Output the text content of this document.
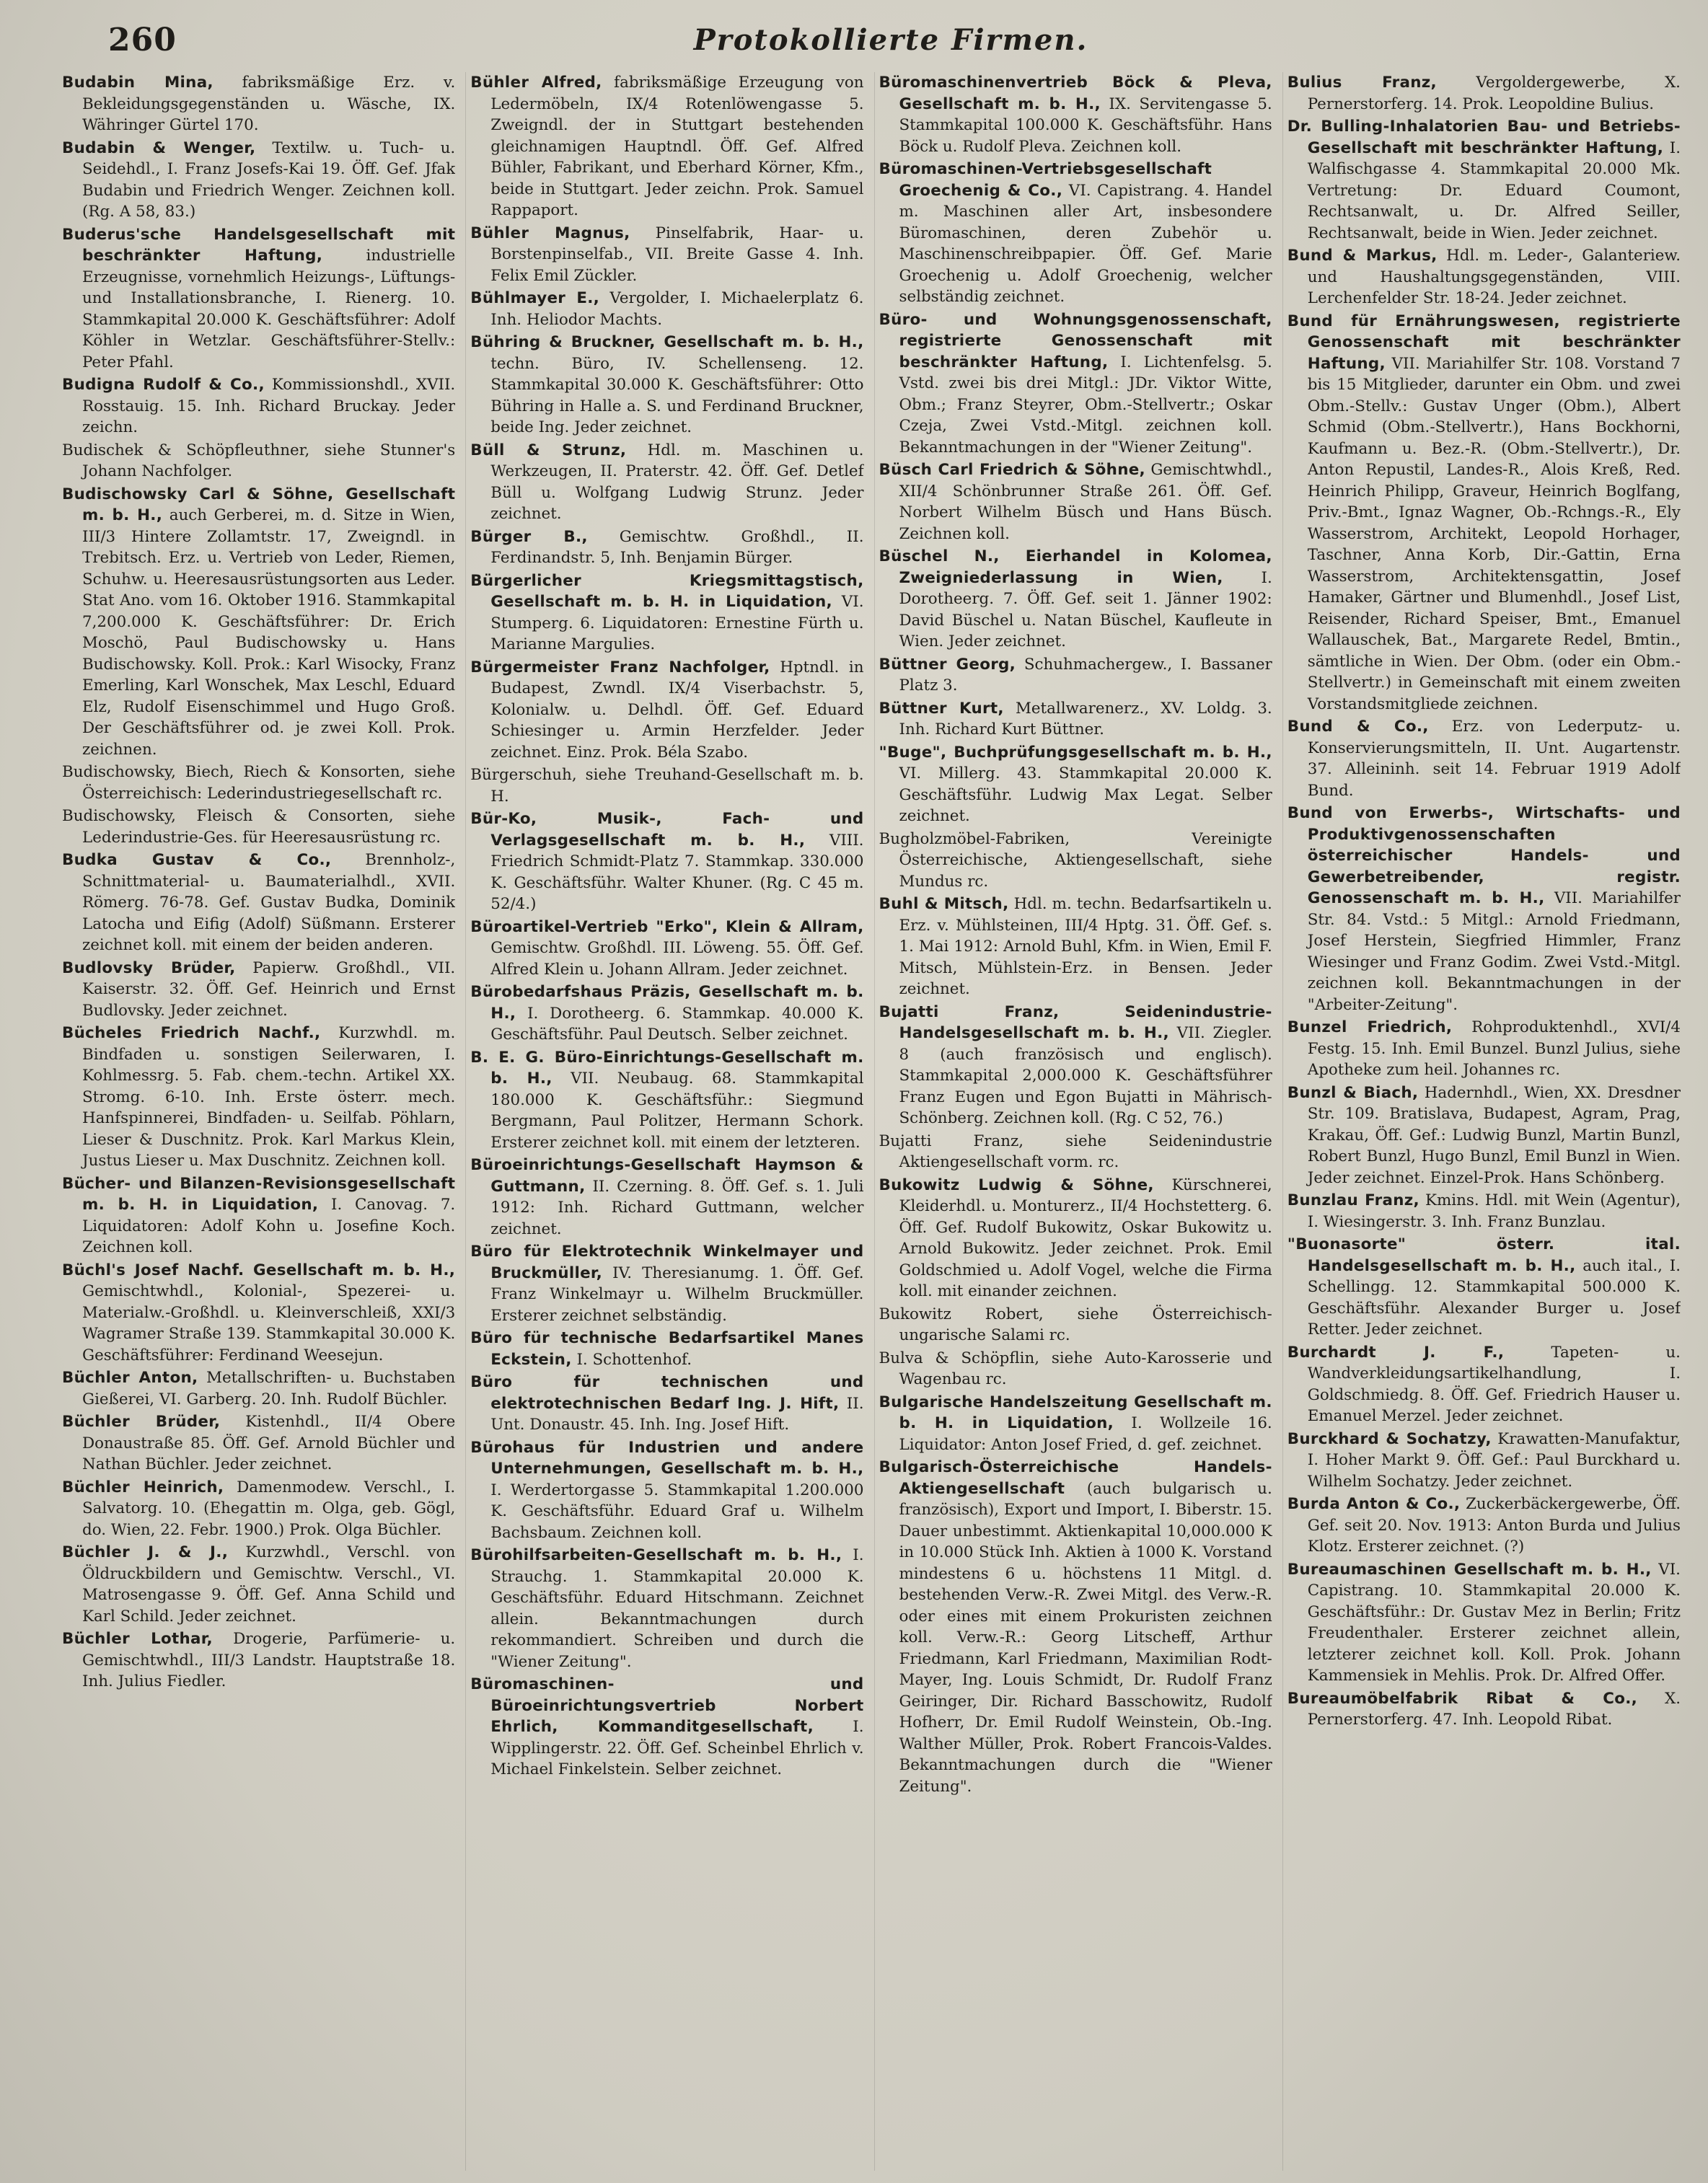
260	Protokollierte Firmen.

Budabin Mina, fabriksmäßige Erz. v. Bekleidungsgegenständen u. Wäsche, IX. Währinger Gürtel 170.

Budabin & Wenger, Textilw. u. Tuch- u. Seidehdl., I. Franz Josefs-Kai 19. Öff. Gef. Jfak Budabin und Friedrich Wenger. Zeichnen koll. (Rg. A 58, 83.)

Buderus'sche Handelsgesellschaft mit beschränkter Haftung,	industrielle Erzeugnisse, vornehmlich Heizungs-, Lüftungs- und Installationsbranche, I. Rienerg. 10. Stammkapital 20.000 K. Geschäftsführer: Adolf Köhler in Wetzlar. Geschäftsführer-Stellv.: Peter Pfahl.

Budigna Rudolf & Co., Kommissionshdl., XVII. Rosstauig. 15. Inh. Richard Bruckay. Jeder zeichn.

Budischek & Schöpfleuthner, siehe Stunner's Johann Nachfolger.

Budischowsky Carl & Söhne, Gesellschaft m. b. H., auch Gerberei, m. d. Sitze in Wien, III/3 Hintere Zollamtstr. 17, Zweigndl. in Trebitsch. Erz. u. Vertrieb von Leder, Riemen, Schuhw. u. Heeresausrüstungsorten aus Leder. Stat Ano. vom 16. Oktober 1916. Stammkapital 7,200.000 K. Geschäftsführer: Dr. Erich Moschö, Paul Budischowsky u. Hans Budischowsky. Koll. Prok.: Karl Wisocky, Franz Emerling, Karl Wonschek, Max Leschl, Eduard Elz, Rudolf Eisenschimmel und Hugo Groß. Der Geschäftsführer od. je zwei Koll. Prok. zeichnen.

Budischowsky, Biech, Riech & Konsorten, siehe Österreichisch: Lederindustriegesellschaft rc.

Budischowsky, Fleisch & Consorten, siehe Lederindustrie-Ges. für Heeresausrüstung rc.

Budka Gustav & Co., Brennholz-, Schnittmaterial- u. Baumaterialhdl., XVII. Römerg. 76-78. Gef. Gustav Budka, Dominik Latocha und Eifig (Adolf) Süßmann. Ersterer zeichnet koll. mit einem der beiden anderen.

Budlovsky Brüder, Papierw. Großhdl., VII. Kaiserstr. 32. Öff. Gef. Heinrich und Ernst Budlovsky. Jeder zeichnet.

Bücheles Friedrich Nachf., Kurzwhdl. m. Bindfaden u. sonstigen Seilerwaren, I. Kohlmessrg. 5. Fab. chem.-techn. Artikel XX. Stromg. 6-10. Inh. Erste österr. mech. Hanfspinnerei, Bindfaden- u. Seilfab. Pöhlarn, Lieser & Duschnitz. Prok. Karl Markus Klein, Justus Lieser u. Max Duschnitz. Zeichnen koll.

Bücher- und Bilanzen-Revisionsgesellschaft m. b. H. in Liquidation, I. Canovag. 7. Liquidatoren: Adolf Kohn u. Josefine Koch. Zeichnen koll.

Büchl's Josef Nachf. Gesellschaft m. b. H., Gemischtwhdl., Kolonial-, Spezerei- u. Materialw.-Großhdl. u. Kleinverschleiß, XXI/3 Wagramer Straße 139. Stammkapital 30.000 K. Geschäftsführer: Ferdinand Weesejun.

Büchler Anton, Metallschriften- u. Buchstaben Gießerei, VI. Garberg. 20. Inh. Rudolf Büchler.

Büchler Brüder, Kistenhdl., II/4 Obere Donaustraße 85. Öff. Gef. Arnold Büchler und Nathan Büchler. Jeder zeichnet.

Büchler Heinrich, Damenmodew. Verschl., I. Salvatorg. 10. (Ehegattin m. Olga, geb. Gögl, do. Wien, 22. Febr. 1900.) Prok. Olga Büchler.

Büchler J. & J., Kurzwhdl., Verschl. von Öldruckbildern und Gemischtw. Verschl., VI. Matrosengasse 9. Öff. Gef. Anna Schild und Karl Schild. Jeder zeichnet.

Büchler Lothar, Drogerie, Parfümerie- u. Gemischtwhdl., III/3 Landstr. Hauptstraße 18. Inh. Julius Fiedler.

Bühler Alfred, fabriksmäßige Erzeugung von Ledermöbeln, IX/4 Rotenlöwengasse 5. Zweigndl. der in Stuttgart bestehenden gleichnamigen Hauptndl. Öff. Gef. Alfred Bühler, Fabrikant, und Eberhard Körner, Kfm., beide in Stuttgart. Jeder zeichn. Prok. Samuel Rappaport.

Bühler Magnus, Pinselfabrik, Haar- u. Borstenpinselfab., VII. Breite Gasse 4. Inh. Felix Emil Zückler.

Bühlmayer E., Vergolder, I. Michaelerplatz 6. Inh. Heliodor Machts.

Bühring & Bruckner, Gesellschaft m. b. H., techn. Büro, IV. Schellenseng. 12. Stammkapital 30.000 K. Geschäftsführer: Otto Bühring in Halle a. S. und Ferdinand Bruckner, beide Ing. Jeder zeichnet.

Büll & Strunz, Hdl. m. Maschinen u. Werkzeugen, II. Praterstr. 42. Öff. Gef. Detlef Büll u. Wolfgang Ludwig Strunz. Jeder zeichnet.

Bürger B., Gemischtw. Großhdl., II. Ferdinandstr. 5, Inh. Benjamin Bürger.

Bürgerlicher Kriegsmittagstisch, Gesellschaft m. b. H. in Liquidation, VI. Stumperg. 6. Liquidatoren: Ernestine Fürth u. Marianne Margulies.

Bürgermeister Franz Nachfolger, Hptndl. in Budapest, Zwndl. IX/4 Viserbachstr. 5, Kolonialw. u. Delhdl. Öff. Gef. Eduard Schiesinger u. Armin Herzfelder. Jeder zeichnet. Einz. Prok. Béla Szabo.

Bürgerschuh, siehe Treuhand-Gesellschaft m. b. H.

Bür-Ko, Musik-, Fach- und Verlagsgesellschaft m. b. H., VIII. Friedrich Schmidt-Platz 7. Stammkap. 330.000 K. Geschäftsführ. Walter Khuner. (Rg. C 45 m. 52/4.)

Büroartikel-Vertrieb "Erko", Klein & Allram, Gemischtw. Großhdl. III. Löweng. 55. Öff. Gef. Alfred Klein u. Johann Allram. Jeder zeichnet.

Bürobedarfshaus Präzis, Gesellschaft m. b. H., I. Dorotheerg. 6. Stammkap. 40.000 K. Geschäftsführ. Paul Deutsch. Selber zeichnet.

B. E. G. Büro-Einrichtungs-Gesellschaft m. b. H., VII. Neubaug. 68. Stammkapital 180.000 K. Geschäftsführ.: Siegmund Bergmann, Paul Politzer, Hermann Schork. Ersterer zeichnet koll. mit einem der letzteren.

Büroeinrichtungs-Gesellschaft Haymson & Guttmann, II. Czerning. 8. Öff. Gef. s. 1. Juli 1912: Inh. Richard Guttmann, welcher zeichnet.

Büro für Elektrotechnik Winkelmayer und Bruckmüller, IV. Theresianumg. 1. Öff. Gef. Franz Winkelmayr u. Wilhelm Bruckmüller. Ersterer zeichnet selbständig.

Büro für technische Bedarfsartikel Manes Eckstein, I. Schottenhof.

Büro für technischen und elektrotechnischen Bedarf Ing. J. Hift, II. Unt. Donaustr. 45. Inh. Ing. Josef Hift.

Bürohaus für Industrien und andere Unternehmungen, Gesellschaft m. b. H., I. Werdertorgasse 5. Stammkapital 1.200.000 K. Geschäftsführ. Eduard Graf u. Wilhelm Bachsbaum. Zeichnen koll.

Bürohilfsarbeiten-Gesellschaft m. b. H., I. Strauchg. 1. Stammkapital 20.000 K. Geschäftsführ. Eduard Hitschmann. Zeichnet allein. Bekanntmachungen durch rekommandiert. Schreiben und durch die "Wiener Zeitung".

Büromaschinen- und Büroeinrichtungsvertrieb Norbert Ehrlich, Kommanditgesellschaft,	I. Wipplingerstr. 22. Öff. Gef. Scheinbel Ehrlich v. Michael Finkelstein. Selber zeichnet.

Büromaschinenvertrieb Böck & Pleva, Gesellschaft m. b. H., IX. Servitengasse 5. Stammkapital 100.000 K. Geschäftsführ. Hans Böck u. Rudolf Pleva. Zeichnen koll.

Büromaschinen-Vertriebsgesellschaft Groechenig & Co., VI. Capistrang. 4. Handel m. Maschinen aller Art, insbesondere Büromaschinen, deren Zubehör u. Maschinenschreibpapier. Öff. Gef. Marie Groechenig u. Adolf Groechenig, welcher selbständig zeichnet.

Büro- und Wohnungsgenossenschaft, registrierte Genossenschaft mit beschränkter Haftung, I. Lichtenfelsg. 5. Vstd. zwei bis drei Mitgl.: JDr. Viktor Witte, Obm.; Franz Steyrer, Obm.-Stellvertr.; Oskar Czeja, Zwei Vstd.-Mitgl. zeichnen koll. Bekanntmachungen in der "Wiener Zeitung".

Büsch Carl Friedrich & Söhne, Gemischtwhdl., XII/4 Schönbrunner Straße 261. Öff. Gef. Norbert Wilhelm Büsch und Hans Büsch. Zeichnen koll.

Büschel N., Eierhandel in Kolomea, Zweigniederlassung in Wien, I. Dorotheerg. 7. Öff. Gef. seit 1. Jänner 1902: David Büschel u. Natan Büschel, Kaufleute in Wien. Jeder zeichnet.

Büttner Georg, Schuhmachergew., I. Bassaner Platz 3.

Büttner Kurt, Metallwarenerz., XV. Loldg. 3. Inh. Richard Kurt Büttner.

"Buge", Buchprüfungsgesellschaft m. b. H., VI. Millerg. 43. Stammkapital 20.000 K. Geschäftsführ. Ludwig Max Legat. Selber zeichnet.

Bugholzmöbel-Fabriken, Vereinigte Österreichische, Aktiengesellschaft, siehe Mundus rc.

Buhl & Mitsch, Hdl. m. techn. Bedarfsartikeln u. Erz. v. Mühlsteinen, III/4 Hptg. 31. Öff. Gef. s. 1. Mai 1912: Arnold Buhl, Kfm. in Wien, Emil F. Mitsch, Mühlstein-Erz. in Bensen. Jeder zeichnet.

Bujatti Franz, Seidenindustrie-Handelsgesellschaft m. b. H., VII. Ziegler. 8 (auch französisch und englisch). Stammkapital 2,000.000 K. Geschäftsführer Franz Eugen und Egon Bujatti in Mährisch-Schönberg. Zeichnen koll. (Rg. C 52, 76.)

Bujatti Franz, siehe Seidenindustrie Aktiengesellschaft vorm. rc.

Bukowitz Ludwig & Söhne, Kürschnerei, Kleiderhdl. u. Monturerz., II/4 Hochstetterg. 6. Öff. Gef. Rudolf Bukowitz, Oskar Bukowitz u. Arnold Bukowitz. Jeder zeichnet. Prok. Emil Goldschmied u. Adolf Vogel, welche die Firma koll. mit einander zeichnen.

Bukowitz Robert, siehe Österreichisch-ungarische Salami rc.

Bulva & Schöpflin, siehe Auto-Karosserie und Wagenbau rc.

Bulgarische Handelszeitung Gesellschaft m. b. H. in Liquidation, I. Wollzeile 16. Liquidator: Anton Josef Fried, d. gef. zeichnet.

Bulgarisch-Österreichische Handels-Aktiengesellschaft (auch bulgarisch u. französisch), Export und Import, I. Biberstr. 15. Dauer unbestimmt. Aktienkapital 10,000.000 K in 10.000 Stück Inh. Aktien à 1000 K. Vorstand mindestens 6 u. höchstens 11 Mitgl. d. bestehenden Verw.-R. Zwei Mitgl. des Verw.-R. oder eines mit einem Prokuristen zeichnen koll. Verw.-R.: Georg Litscheff, Arthur Friedmann, Karl Friedmann, Maximilian Rodt-Mayer, Ing. Louis Schmidt, Dr. Rudolf Franz Geiringer, Dir. Richard Basschowitz, Rudolf Hofherr, Dr. Emil Rudolf Weinstein, Ob.-Ing. Walther Müller, Prok. Robert Francois-Valdes. Bekanntmachungen durch die "Wiener Zeitung".

Bulius Franz,	Vergoldergewerbe, X. Pernerstorferg. 14. Prok. Leopoldine Bulius.

Dr. Bulling-Inhalatorien Bau- und Betriebs-Gesellschaft mit beschränkter Haftung, I. Walfischgasse 4. Stammkapital 20.000 Mk. Vertretung: Dr. Eduard Coumont, Rechtsanwalt, u. Dr. Alfred Seiller, Rechtsanwalt, beide in Wien. Jeder zeichnet.

Bund & Markus, Hdl. m. Leder-, Galanteriew. und Haushaltungsgegenständen, VIII. Lerchenfelder Str. 18-24. Jeder zeichnet.

Bund für Ernährungswesen, registrierte Genossenschaft mit beschränkter Haftung, VII. Mariahilfer Str. 108. Vorstand 7 bis 15 Mitglieder, darunter ein Obm. und zwei Obm.-Stellv.: Gustav Unger (Obm.), Albert Schmid (Obm.-Stellvertr.), Hans Bockhorni, Kaufmann u. Bez.-R. (Obm.-Stellvertr.), Dr. Anton Repustil, Landes-R., Alois Kreß, Red. Heinrich Philipp, Graveur, Heinrich Boglfang, Priv.-Bmt., Ignaz Wagner, Ob.-Rchngs.-R., Ely Wasserstrom, Architekt, Leopold Horhager, Taschner, Anna Korb, Dir.-Gattin, Erna Wasserstrom, Architektensgattin, Josef Hamaker, Gärtner und Blumenhdl., Josef List, Reisender, Richard Speiser, Bmt., Emanuel Wallauschek, Bat., Margarete Redel, Bmtin., sämtliche in Wien. Der Obm. (oder ein Obm.-Stellvertr.) in Gemeinschaft mit einem zweiten Vorstandsmitgliede zeichnen.

Bund & Co., Erz. von Lederputz- u. Konservierungsmitteln, II. Unt. Augartenstr. 37. Alleininh. seit 14. Februar 1919 Adolf Bund.

Bund von Erwerbs-, Wirtschafts- und Produktivgenossenschaften österreichischer Handels- und Gewerbetreibender, registr. Genossenschaft m. b. H., VII. Mariahilfer Str. 84. Vstd.: 5 Mitgl.: Arnold Friedmann, Josef Herstein, Siegfried Himmler, Franz Wiesinger und Franz Godim. Zwei Vstd.-Mitgl. zeichnen koll. Bekanntmachungen in der "Arbeiter-Zeitung".

Bunzel Friedrich, Rohproduktenhdl., XVI/4 Festg. 15. Inh. Emil Bunzel. Bunzl Julius, siehe Apotheke zum heil. Johannes rc.

Bunzl & Biach, Hadernhdl., Wien, XX. Dresdner Str. 109. Bratislava, Budapest, Agram, Prag, Krakau, Öff. Gef.: Ludwig Bunzl, Martin Bunzl, Robert Bunzl, Hugo Bunzl, Emil Bunzl in Wien. Jeder zeichnet. Einzel-Prok. Hans Schönberg.

Bunzlau Franz, Kmins. Hdl. mit Wein (Agentur), I. Wiesingerstr. 3. Inh. Franz Bunzlau.

"Buonasorte" österr. ital. Handelsgesellschaft m. b. H., auch ital., I. Schellingg. 12. Stammkapital 500.000 K. Geschäftsführ. Alexander Burger u. Josef Retter. Jeder zeichnet.

Burchardt J. F.,	Tapeten- u. Wandverkleidungsartikelhandlung, I. Goldschmiedg. 8. Öff. Gef. Friedrich Hauser u. Emanuel Merzel. Jeder zeichnet.

Burckhard & Sochatzy, Krawatten-Manufaktur, I. Hoher Markt 9. Öff. Gef.: Paul Burckhard u. Wilhelm Sochatzy. Jeder zeichnet.

Burda Anton & Co., Zuckerbäckergewerbe, Öff. Gef. seit 20. Nov. 1913: Anton Burda und Julius Klotz. Ersterer zeichnet. (?)

Bureaumaschinen Gesellschaft m. b. H., VI. Capistrang. 10. Stammkapital 20.000 K. Geschäftsführ.: Dr. Gustav Mez in Berlin; Fritz Freudenthaler. Ersterer zeichnet allein, letzterer zeichnet koll. Koll. Prok. Johann Kammensiek in Mehlis. Prok. Dr. Alfred Offer.

Bureaumöbelfabrik Ribat & Co., X. Pernerstorferg. 47. Inh. Leopold Ribat.
